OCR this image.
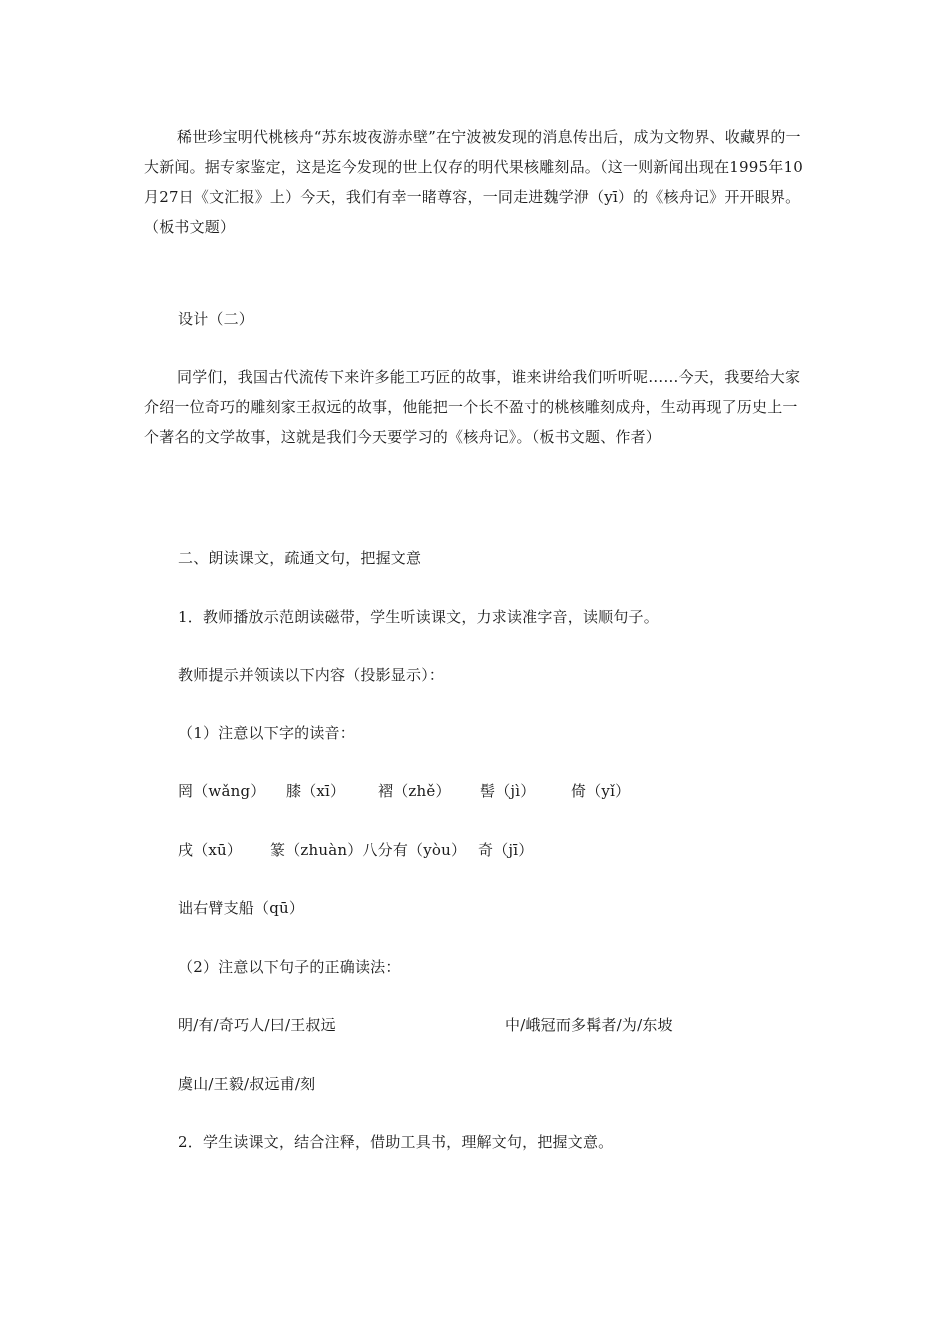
稀世珍宝明代桃核舟“苏东坡夜游赤壁”在宁波被发现的消息传出后，成为文物界、收藏界的一大新闻。据专家鉴定，这是迄今发现的世上仅存的明代果核雕刻品。（这一则新闻出现在1995年10月27日《文汇报》上）今天，我们有幸一睹尊容，一同走进魏学洢（yī）的《核舟记》开开眼界。（板书文题）
设计（二）
同学们，我国古代流传下来许多能工巧匠的故事，谁来讲给我们听听呢……今天，我要给大家介绍一位奇巧的雕刻家王叔远的故事，他能把一个长不盈寸的桃核雕刻成舟，生动再现了历史上一个著名的文学故事，这就是我们今天要学习的《核舟记》。（板书文题、作者）
二、朗读课文，疏通文句，把握文意
1．教师播放示范朗读磁带，学生听读课文，力求读准字音，读顺句子。
教师提示并领读以下内容（投影显示）：
（1）注意以下字的读音：
罔（wǎng） 膝（xī） 褶（zhě） 髻（jì） 倚（yǐ）
戌（xū） 篆（zhuàn）八分有（yòu） 奇（jī）
诎右臂支船（qū）
（2）注意以下句子的正确读法：
明/有/奇巧人/曰/王叔远	中/峨冠而多髯者/为/东坡
虞山/王毅/叔远甫/刻
2．学生读课文，结合注释，借助工具书，理解文句，把握文意。
